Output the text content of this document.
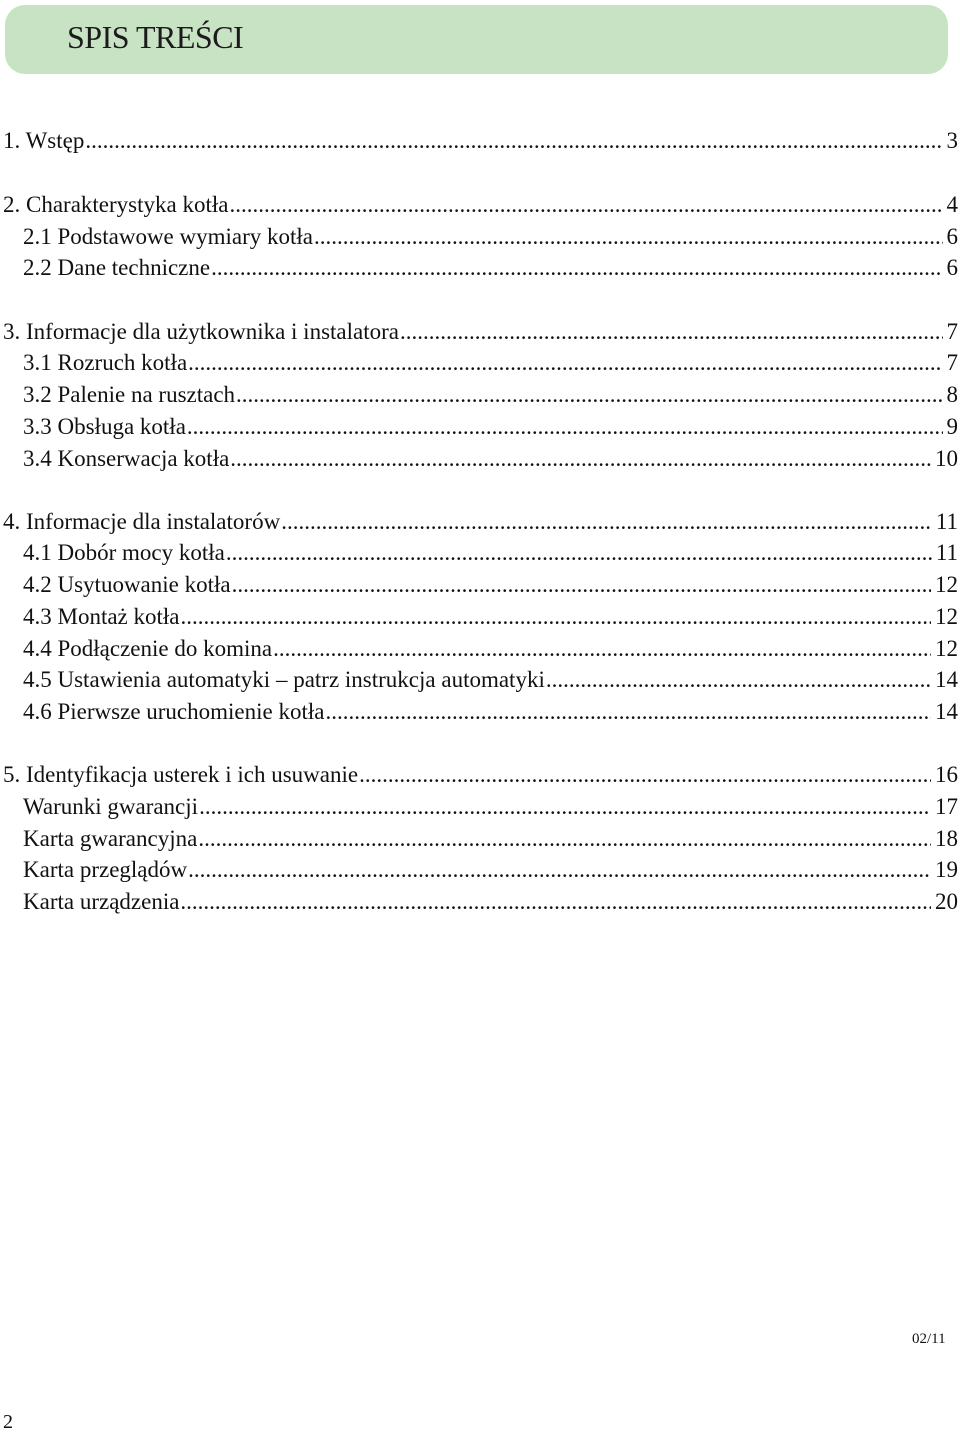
SPIS TREŚCI
1. Wstęp .....	3
2. Charakterystyka kotła .....	4
2.1 Podstawowe wymiary kotła .....	6
2.2 Dane techniczne .....	6
3. Informacje dla użytkownika i instalatora .....	7
3.1 Rozruch kotła .....	7
3.2 Palenie na rusztach .....	8
3.3 Obsługa kotła .....	9
3.4 Konserwacja kotła .....	10
4. Informacje dla instalatorów .....	11
4.1 Dobór mocy kotła .....	11
4.2 Usytuowanie kotła .....	12
4.3 Montaż kotła .....	12
4.4 Podłączenie do komina .....	12
4.5 Ustawienia automatyki – patrz instrukcja automatyki .....	14
4.6 Pierwsze uruchomienie kotła .....	14
5. Identyfikacja usterek i ich usuwanie .....	16
Warunki gwarancji .....	17
Karta gwarancyjna .....	18
Karta przeglądów .....	19
Karta urządzenia .....	20
02/11
2
